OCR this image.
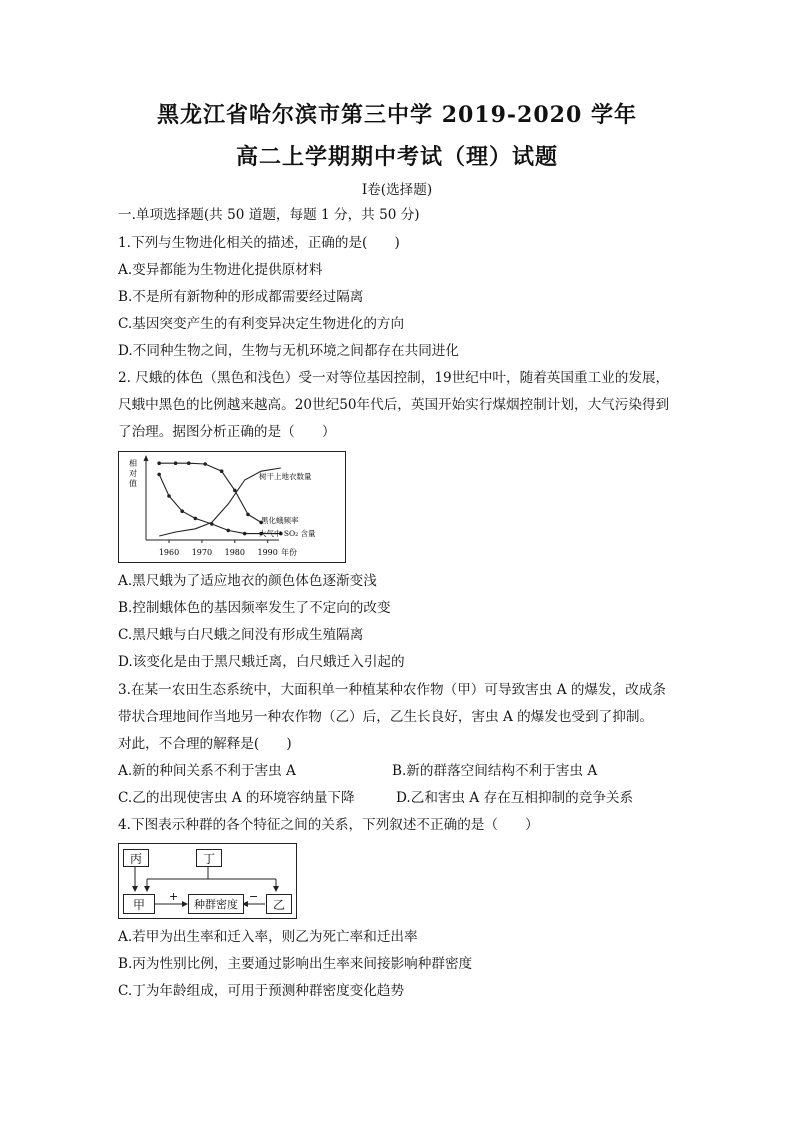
黑龙江省哈尔滨市第三中学 2019-2020 学年
高二上学期期中考试（理）试题
Ⅰ卷(选择题)
一.单项选择题(共 50 道题，每题 1 分，共 50 分)
1.下列与生物进化相关的描述，正确的是(　　)
A.变异都能为生物进化提供原材料
B.不是所有新物种的形成都需要经过隔离
C.基因突变产生的有利变异决定生物进化的方向
D.不同种生物之间，生物与无机环境之间都存在共同进化
2. 尺蛾的体色（黑色和浅色）受一对等位基因控制，19世纪中叶，随着英国重工业的发展，
尺蛾中黑色的比例越来越高。20世纪50年代后，英国开始实行煤烟控制计划，大气污染得到
了治理。据图分析正确的是（　　）
相
对
值
年份
1960 1970 1980 1990
树干上地衣数量
黑化蛾频率
大气中 SO₂ 含量
A.黑尺蛾为了适应地衣的颜色体色逐渐变浅
B.控制蛾体色的基因频率发生了不定向的改变
C.黑尺蛾与白尺蛾之间没有形成生殖隔离
D.该变化是由于黑尺蛾迁离，白尺蛾迁入引起的
3.在某一农田生态系统中，大面积单一种植某种农作物（甲）可导致害虫 A 的爆发，改成条
带状合理地间作当地另一种农作物（乙）后，乙生长良好，害虫 A 的爆发也受到了抑制。
对此，不合理的解释是(　　)
A.新的种间关系不利于害虫 A	B.新的群落空间结构不利于害虫 A
C.乙的出现使害虫 A 的环境容纳量下降	D.乙和害虫 A 存在互相抑制的竞争关系
4.下图表示种群的各个特征之间的关系，下列叙述不正确的是（　　）
+	−
丙	丁
甲	种群密度	乙
A.若甲为出生率和迁入率，则乙为死亡率和迁出率
B.丙为性别比例，主要通过影响出生率来间接影响种群密度
C.丁为年龄组成，可用于预测种群密度变化趋势
